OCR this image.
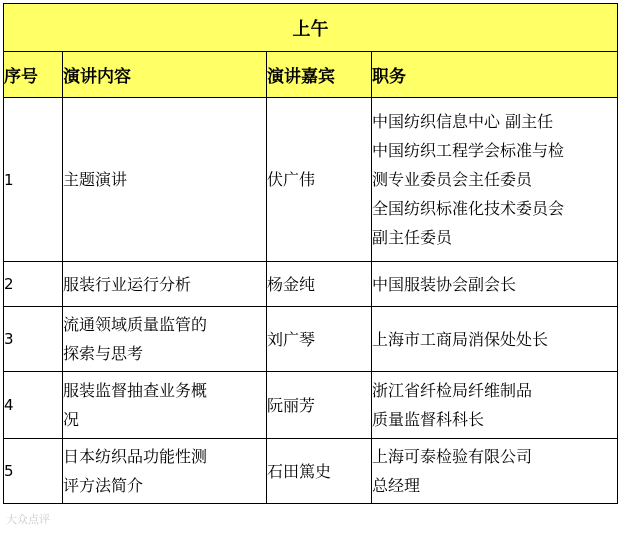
上午			
序号	演讲内容	演讲嘉宾	职务
1	主题演讲	伏广伟	中国纺织信息中心 副主任
中国纺织工程学会标准与检
测专业委员会主任委员
全国纺织标准化技术委员会
副主任委员

2	服装行业运行分析	杨金纯	中国服装协会副会长

3	流通领域质量监管的
探索与思考	刘广琴	上海市工商局消保处处长

4	服装监督抽查业务概
况	阮丽芳	浙江省纤检局纤维制品
质量监督科科长

5	日本纺织品功能性测
评方法简介	石田篤史	上海可泰检验有限公司
总经理
大众点评
